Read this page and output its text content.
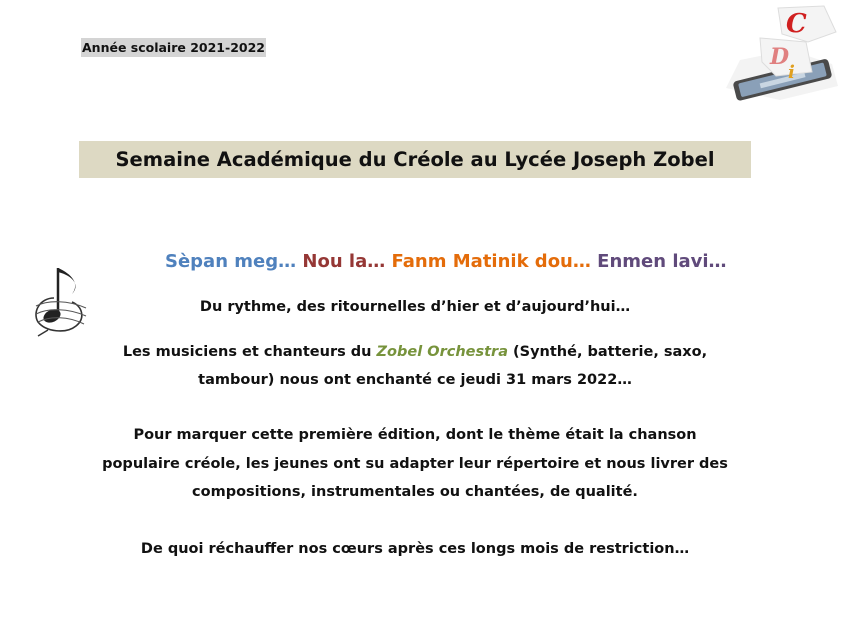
Année scolaire 2021-2022
C
D
i
Semaine Académique du Créole au Lycée Joseph Zobel
Sèpan meg… Nou la… Fanm Matinik dou… Enmen lavi…
Du rythme, des ritournelles d’hier et d’aujourd’hui…
Les musiciens et chanteurs du Zobel Orchestra (Synthé, batterie, saxo,
tambour) nous ont enchanté ce jeudi 31 mars 2022…
Pour marquer cette première édition, dont le thème était la chanson
populaire créole, les jeunes ont su adapter leur répertoire et nous livrer des
compositions, instrumentales ou chantées, de qualité.
De quoi réchauffer nos cœurs après ces longs mois de restriction…
